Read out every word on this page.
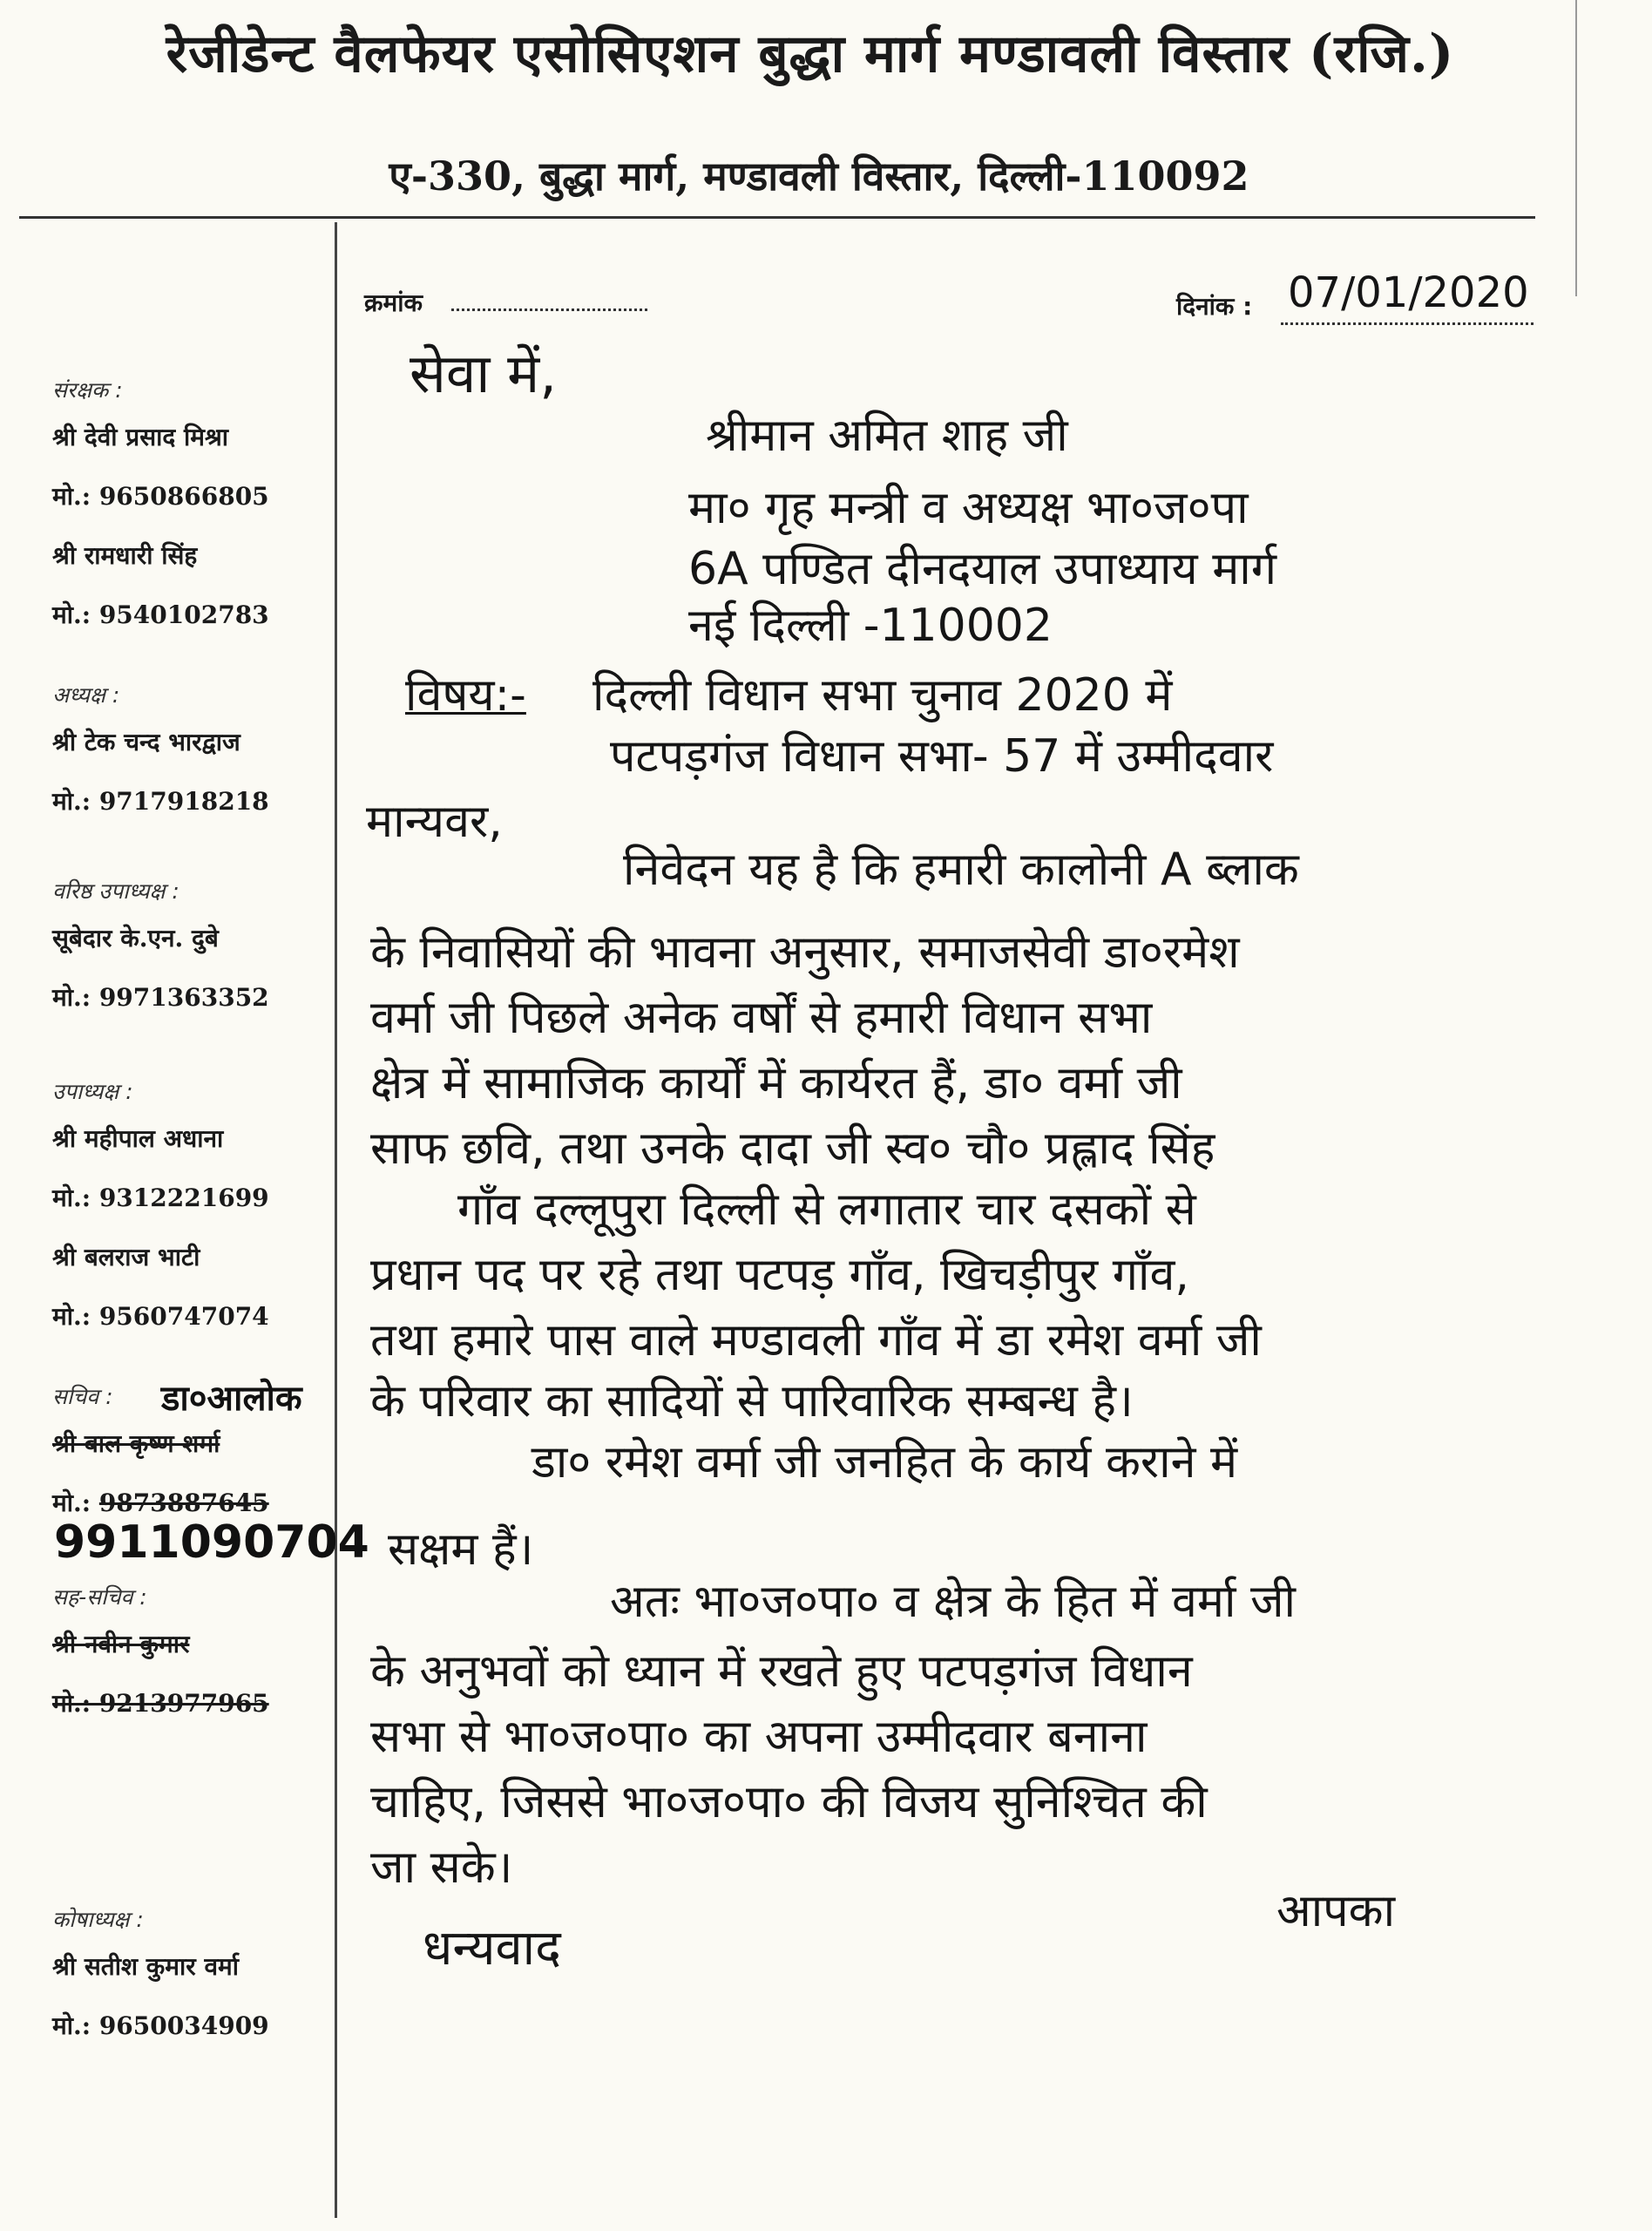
रेजीडेन्ट वैलफेयर एसोसिएशन बुद्धा मार्ग मण्डावली विस्तार (रजि.)
ए-330, बुद्धा मार्ग, मण्डावली विस्तार, दिल्ली-110092
संरक्षक :
श्री देवी प्रसाद मिश्रा
मो.: 9650866805
श्री रामधारी सिंह
मो.: 9540102783
अध्यक्ष :
श्री टेक चन्द भारद्वाज
मो.: 9717918218
वरिष्ठ उपाध्यक्ष :
सूबेदार के.एन. दुबे
मो.: 9971363352
उपाध्यक्ष :
श्री महीपाल अधाना
मो.: 9312221699
श्री बलराज भाटी
मो.: 9560747074
सचिव :
श्री बाल कृष्ण शर्मा
मो.: 9873887645
सह-सचिव :
श्री नवीन कुमार
मो.: 9213977965
कोषाध्यक्ष :
श्री सतीश कुमार वर्मा
मो.: 9650034909
डा०आलोक
9911090704
क्रमांक	दिनांक : 07/01/2020
सेवा में,
श्रीमान अमित शाह जी
मा० गृह मन्त्री व अध्यक्ष भा०ज०पा
6A पण्डित दीनदयाल उपाध्याय मार्ग
नई दिल्ली -110002
विषय:- दिल्ली विधान सभा चुनाव 2020 में
पटपड़गंज विधान सभा- 57 में उम्मीदवार
मान्यवर,
निवेदन यह है कि हमारी कालोनी A ब्लाक
के निवासियों की भावना अनुसार, समाजसेवी डा०रमेश
वर्मा जी पिछले अनेक वर्षों से हमारी विधान सभा
क्षेत्र में सामाजिक कार्यों में कार्यरत हैं, डा० वर्मा जी
साफ छवि, तथा उनके दादा जी स्व० चौ० प्रह्लाद सिंह
गाँव दल्लूपुरा दिल्ली से लगातार चार दसकों से
प्रधान पद पर रहे तथा पटपड़ गाँव, खिचड़ीपुर गाँव,
तथा हमारे पास वाले मण्डावली गाँव में डा रमेश वर्मा जी
के परिवार का सादियों से पारिवारिक सम्बन्ध है।
डा० रमेश वर्मा जी जनहित के कार्य कराने में
सक्षम हैं।
अतः भा०ज०पा० व क्षेत्र के हित में वर्मा जी
के अनुभवों को ध्यान में रखते हुए पटपड़गंज विधान
सभा से भा०ज०पा० का अपना उम्मीदवार बनाना
चाहिए, जिससे भा०ज०पा० की विजय सुनिश्चित की
जा सके।
आपका
धन्यवाद
